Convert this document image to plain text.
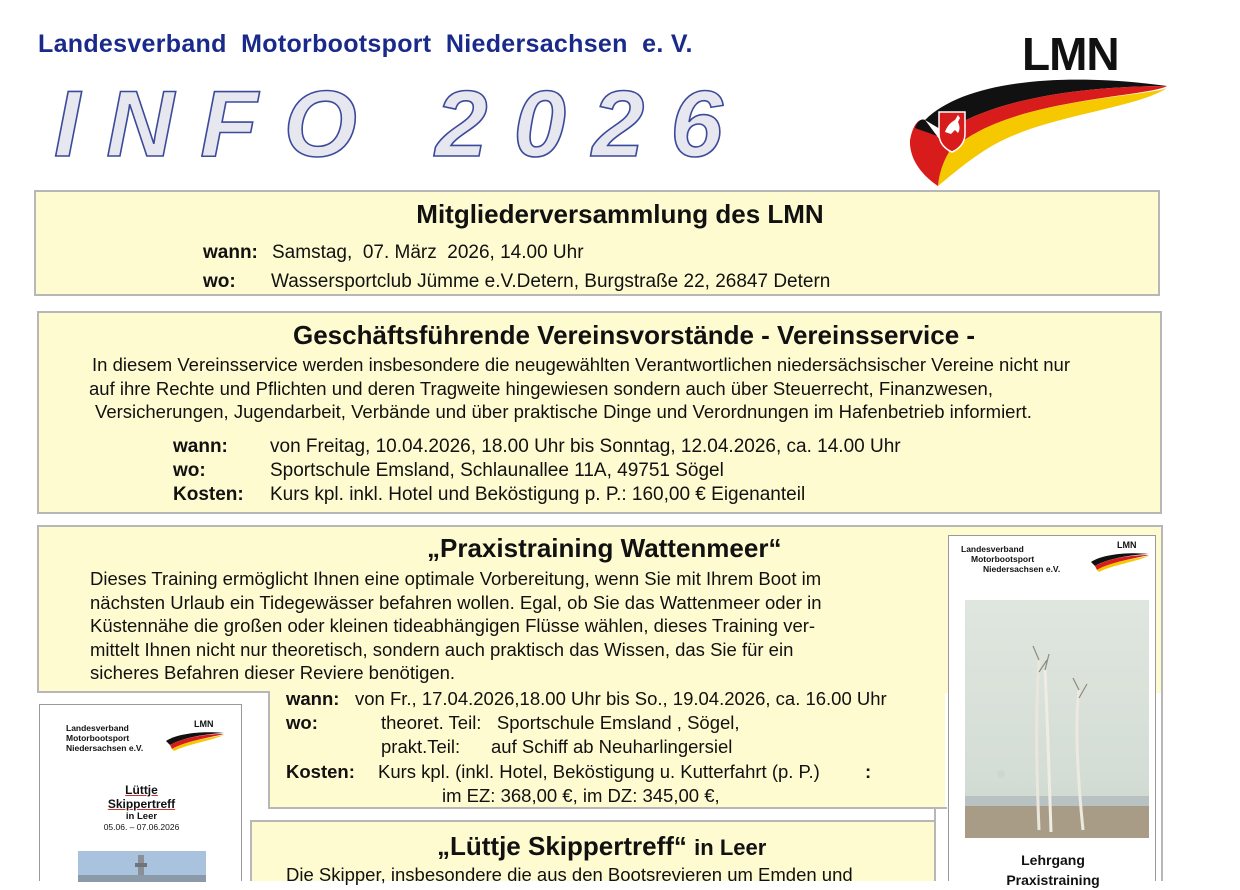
Landesverband  Motorbootsport  Niedersachsen  e. V.
I N F O   2 0 2 6
LMN
Mitgliederversammlung des LMN
wann: Samstag,  07. März  2026, 14.00 Uhr
wo: Wassersportclub Jümme e.V.Detern, Burgstraße 22, 26847 Detern
Geschäftsführende Vereinsvorstände - Vereinsservice -
In diesem Vereinsservice werden insbesondere die neugewählten Verantwortlichen niedersächsischer Vereine nicht nur
auf ihre Rechte und Pflichten und deren Tragweite hingewiesen sondern auch über Steuerrecht, Finanzwesen,
Versicherungen, Jugendarbeit, Verbände und über praktische Dinge und Verordnungen im Hafenbetrieb informiert.
wann: von Freitag, 10.04.2026, 18.00 Uhr bis Sonntag, 12.04.2026, ca. 14.00 Uhr
wo:	Sportschule Emsland, Schlaunallee 11A, 49751 Sögel
Kosten: Kurs kpl. inkl. Hotel und Beköstigung p. P.: 160,00 € Eigenanteil
„Praxistraining Wattenmeer“
Dieses Training ermöglicht Ihnen eine optimale Vorbereitung, wenn Sie mit Ihrem Boot im
nächsten Urlaub ein Tidegewässer befahren wollen. Egal, ob Sie das Wattenmeer oder in
Küstennähe die großen oder kleinen tideabhängigen Flüsse wählen, dieses Training ver-
mittelt Ihnen nicht nur theoretisch, sondern auch praktisch das Wissen, das Sie für ein
sicheres Befahren dieser Reviere benötigen.
wann: von Fr., 17.04.2026,18.00 Uhr bis So., 19.04.2026, ca. 16.00 Uhr
wo:	theoret. Teil:   Sportschule Emsland , Sögel,
prakt.Teil:      auf Schiff ab Neuharlingersiel
Kosten: Kurs kpl. (inkl. Hotel, Beköstigung u. Kutterfahrt (p. P.) :
im EZ: 368,00 €, im DZ: 345,00 €,
„Lüttje Skippertreff“ in Leer
Die Skipper, insbesondere die aus den Bootsrevieren um Emden und
Landesverband
Motorbootsport
Niedersachsen e.V.
LMN
Lehrgang
Praxistraining
Landesverband
Motorbootsport
Niedersachsen e.V.
LMN
Lüttje
Skippertreff
in Leer
05.06. – 07.06.2026
